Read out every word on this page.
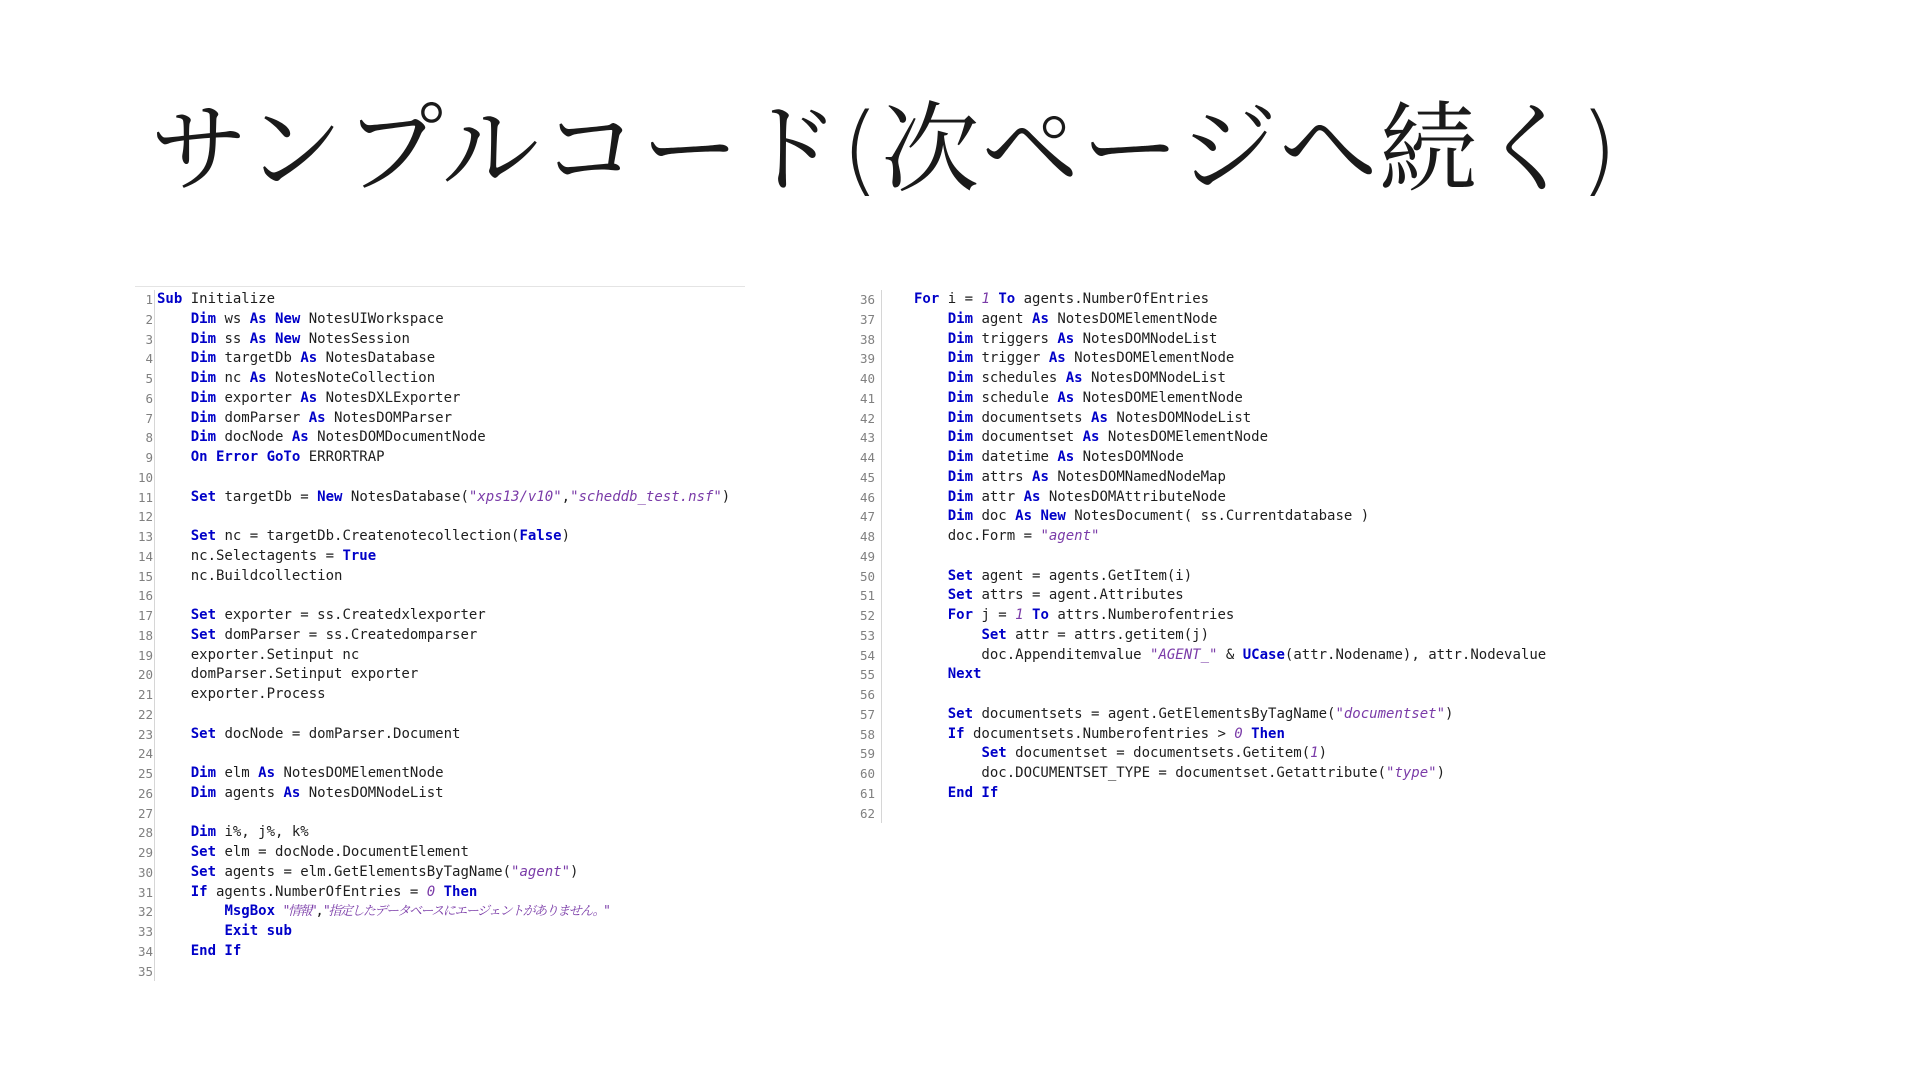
サンプルコード(次ページへ続く)
1 Sub Initialize
2	Dim ws As New NotesUIWorkspace
3	Dim ss As New NotesSession
4	Dim targetDb As NotesDatabase
5	Dim nc As NotesNoteCollection
6	Dim exporter As NotesDXLExporter
7	Dim domParser As NotesDOMParser
8	Dim docNode As NotesDOMDocumentNode
9	On Error GoTo ERRORTRAP
10
11	Set targetDb = New NotesDatabase("xps13/v10","scheddb_test.nsf")
12
13	Set nc = targetDb.Createnotecollection(False)
14 nc.Selectagents = True
15 nc.Buildcollection
16
17	Set exporter = ss.Createdxlexporter
18	Set domParser = ss.Createdomparser
19 exporter.Setinput nc
20 domParser.Setinput exporter
21 exporter.Process
22
23	Set docNode = domParser.Document
24
25	Dim elm As NotesDOMElementNode
26	Dim agents As NotesDOMNodeList
27
28	Dim i%, j%, k%
29	Set elm = docNode.DocumentElement
30	Set agents = elm.GetElementsByTagName("agent")
31	If agents.NumberOfEntries = 0 Then
32	MsgBox "情報","指定したデータベースにエージェントがありません。"
33	Exit sub
34	End If
35
36	For i = 1 To agents.NumberOfEntries
37	Dim agent As NotesDOMElementNode
38	Dim triggers As NotesDOMNodeList
39	Dim trigger As NotesDOMElementNode
40	Dim schedules As NotesDOMNodeList
41	Dim schedule As NotesDOMElementNode
42	Dim documentsets As NotesDOMNodeList
43	Dim documentset As NotesDOMElementNode
44	Dim datetime As NotesDOMNode
45	Dim attrs As NotesDOMNamedNodeMap
46	Dim attr As NotesDOMAttributeNode
47	Dim doc As New NotesDocument( ss.Currentdatabase )
48	doc.Form = "agent"
49
50	Set agent = agents.GetItem(i)
51	Set attrs = agent.Attributes
52	For j = 1 To attrs.Numberofentries
53	Set attr = attrs.getitem(j)
54	doc.Appenditemvalue "AGENT_" & UCase(attr.Nodename), attr.Nodevalue
55	Next
56
57	Set documentsets = agent.GetElementsByTagName("documentset")
58	If documentsets.Numberofentries > 0 Then
59	Set documentset = documentsets.Getitem(1)
60	doc.DOCUMENTSET_TYPE = documentset.Getattribute("type")
61	End If
62
